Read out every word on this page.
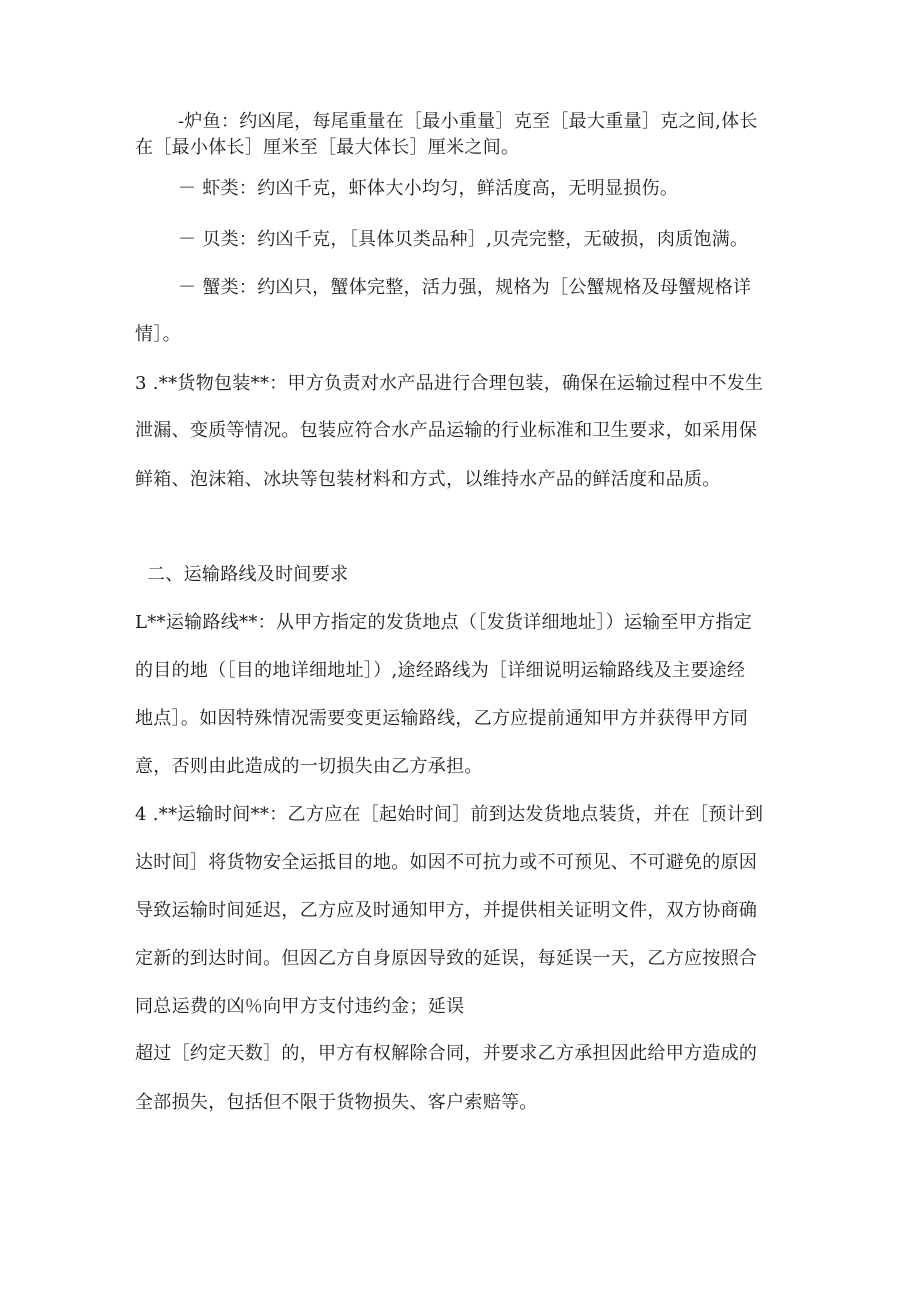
-炉鱼：约凶尾，每尾重量在［最小重量］克至［最大重量］克之间,体长
在［最小体长］厘米至［最大体长］厘米之间。
－ 虾类：约凶千克，虾体大小均匀，鲜活度高，无明显损伤。
－ 贝类：约凶千克，［具体贝类品种］,贝壳完整，无破损，肉质饱满。
－ 蟹类：约凶只，蟹体完整，活力强，规格为［公蟹规格及母蟹规格详
情］。
3 .**货物包装**：甲方负责对水产品进行合理包装，确保在运输过程中不发生
泄漏、变质等情况。包装应符合水产品运输的行业标准和卫生要求，如采用保
鲜箱、泡沫箱、冰块等包装材料和方式，以维持水产品的鲜活度和品质。
二、运输路线及时间要求
L**运输路线**：从甲方指定的发货地点（［发货详细地址］）运输至甲方指定
的目的地（［目的地详细地址］）,途经路线为［详细说明运输路线及主要途经
地点］。如因特殊情况需要变更运输路线，乙方应提前通知甲方并获得甲方同
意，否则由此造成的一切损失由乙方承担。
4 .**运输时间**：乙方应在［起始时间］前到达发货地点装货，并在［预计到
达时间］将货物安全运抵目的地。如因不可抗力或不可预见、不可避免的原因
导致运输时间延迟，乙方应及时通知甲方，并提供相关证明文件，双方协商确
定新的到达时间。但因乙方自身原因导致的延误，每延误一天，乙方应按照合
同总运费的凶％向甲方支付违约金；延误
超过［约定天数］的，甲方有权解除合同，并要求乙方承担因此给甲方造成的
全部损失，包括但不限于货物损失、客户索赔等。
